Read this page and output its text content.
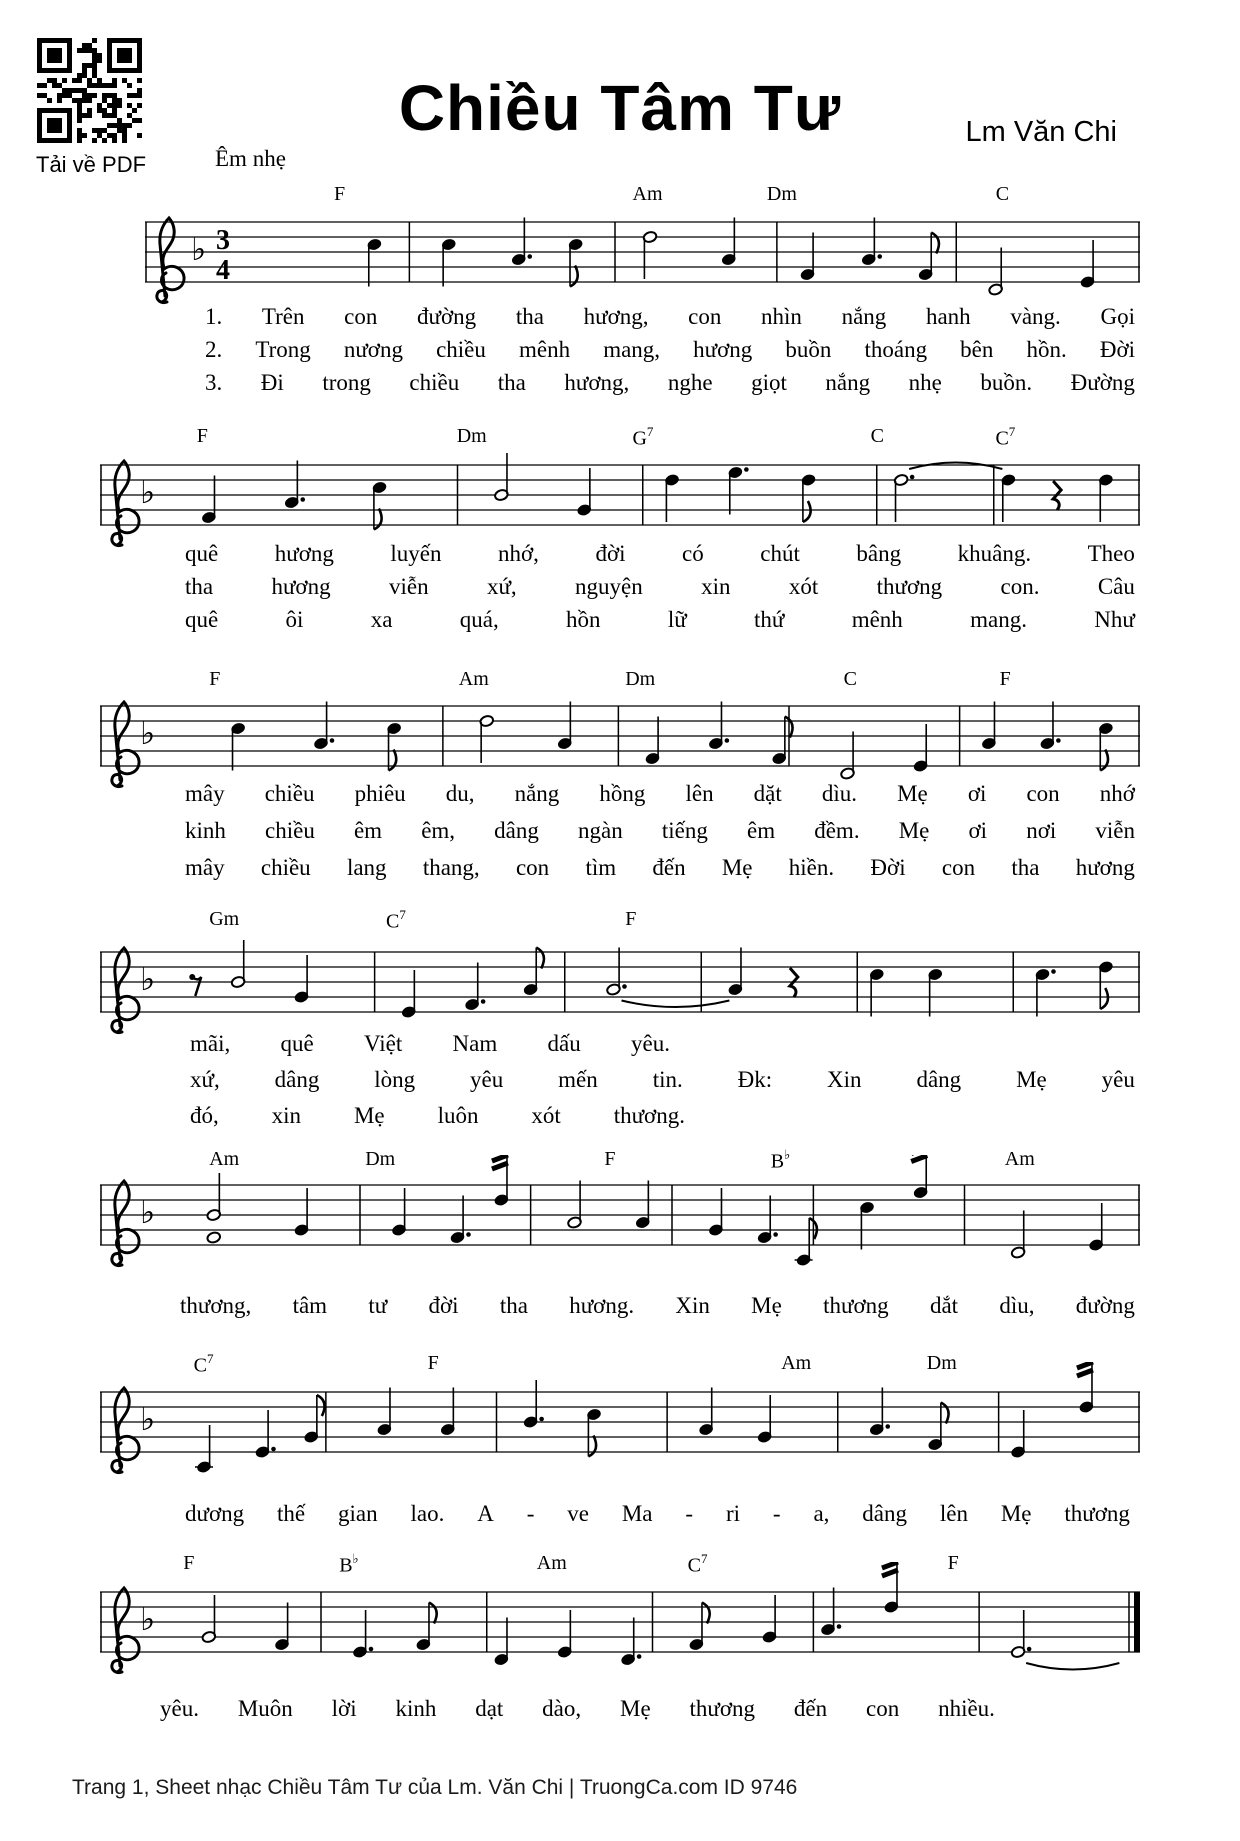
Tải về PDF
Chiều Tâm Tư	Lm Văn Chi
Êm nhẹ
F	Am	Dm	C
♭ 3
4
1. Trên con đường tha hương, con nhìn nắng hanh vàng. Gọi
2. Trong nương chiều mênh mang, hương buồn thoáng bên hồn. Đời
3. Đi trong chiều tha hương, nghe giọt nắng nhẹ buồn. Đường
F	Dm	$G^7$	C	$C^7$
♭
quê hương luyến nhớ, đời có chút bâng khuâng. Theo
tha	hương	viễn	xứ,	nguyện	xin	xót	thương	con.	Câu
quê	ôi	xa	quá,	hồn	lữ	thứ	mênh	mang.	Như
F	Am	Dm	C	F
♭
mây chiều phiêu du, nắng hồng lên dặt dìu. Mẹ ơi con nhớ
kinh chiều êm êm, dâng ngàn tiếng êm đềm. Mẹ ơi nơi viễn
mây chiều lang thang, con tìm đến Mẹ hiền. Đời con tha hương
Gm	$C^7$	F
♭
mãi, quê Việt Nam dấu yêu.
xứ, dâng lòng yêu mến tin. Đk: Xin dâng Mẹ yêu
đó, xin Mẹ luôn xót thương.
Am	Dm	F	B♭	Am
♭
thương, tâm tư đời tha hương. Xin Mẹ thương dắt dìu, đường
$C^7$	F	Am	Dm
♭
dương thế gian lao. A - ve Ma - ri - a, dâng lên Mẹ thương
F	B♭	Am	$C^7$	F
♭
yêu. Muôn lời kinh dạt dào, Mẹ thương đến con nhiều.
Trang 1, Sheet nhạc Chiều Tâm Tư của Lm. Văn Chi | TruongCa.com ID 9746
